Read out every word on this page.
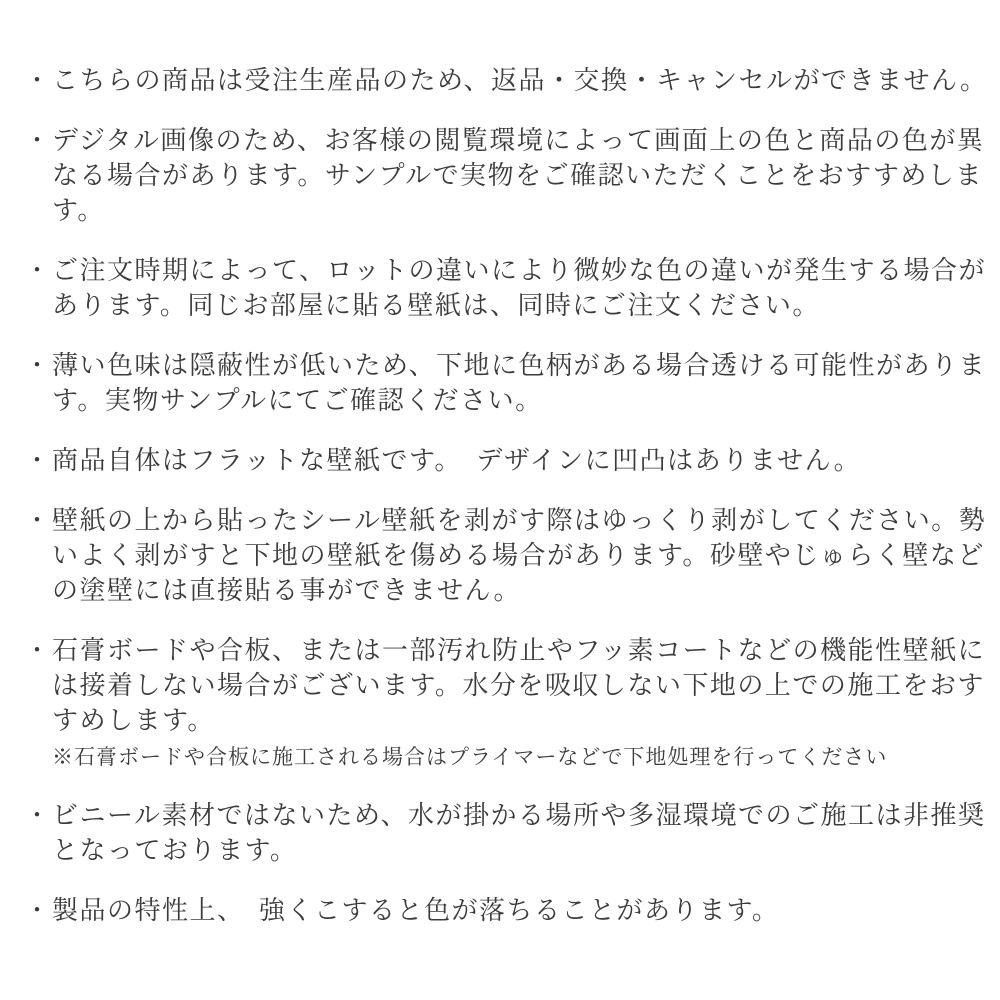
・ こちらの商品は受注生産品のため、返品・交換・キャンセルができません。
・ デジタル画像のため、お客様の閲覧環境によって画面上の色と商品の色が異なる場合があります。サンプルで実物をご確認いただくことをおすすめします。
・ ご注文時期によって、ロットの違いにより微妙な色の違いが発生する場合があります。同じお部屋に貼る壁紙は、同時にご注文ください。
・ 薄い色味は隠蔽性が低いため、下地に色柄がある場合透ける可能性があります。実物サンプルにてご確認ください。
・ 商品自体はフラットな壁紙です。　デザインに凹凸はありません。
・ 壁紙の上から貼ったシール壁紙を剥がす際はゆっくり剥がしてください。勢いよく剥がすと下地の壁紙を傷める場合があります。砂壁やじゅらく壁などの塗壁には直接貼る事ができません。
・ 石膏ボードや合板、または一部汚れ防止やフッ素コートなどの機能性壁紙には接着しない場合がございます。水分を吸収しない下地の上での施工をおすすめします。
※石膏ボードや合板に施工される場合はプライマーなどで下地処理を行ってください
・ ビニール素材ではないため、水が掛かる場所や多湿環境でのご施工は非推奨となっております。
・ 製品の特性上、　強くこすると色が落ちることがあります。
